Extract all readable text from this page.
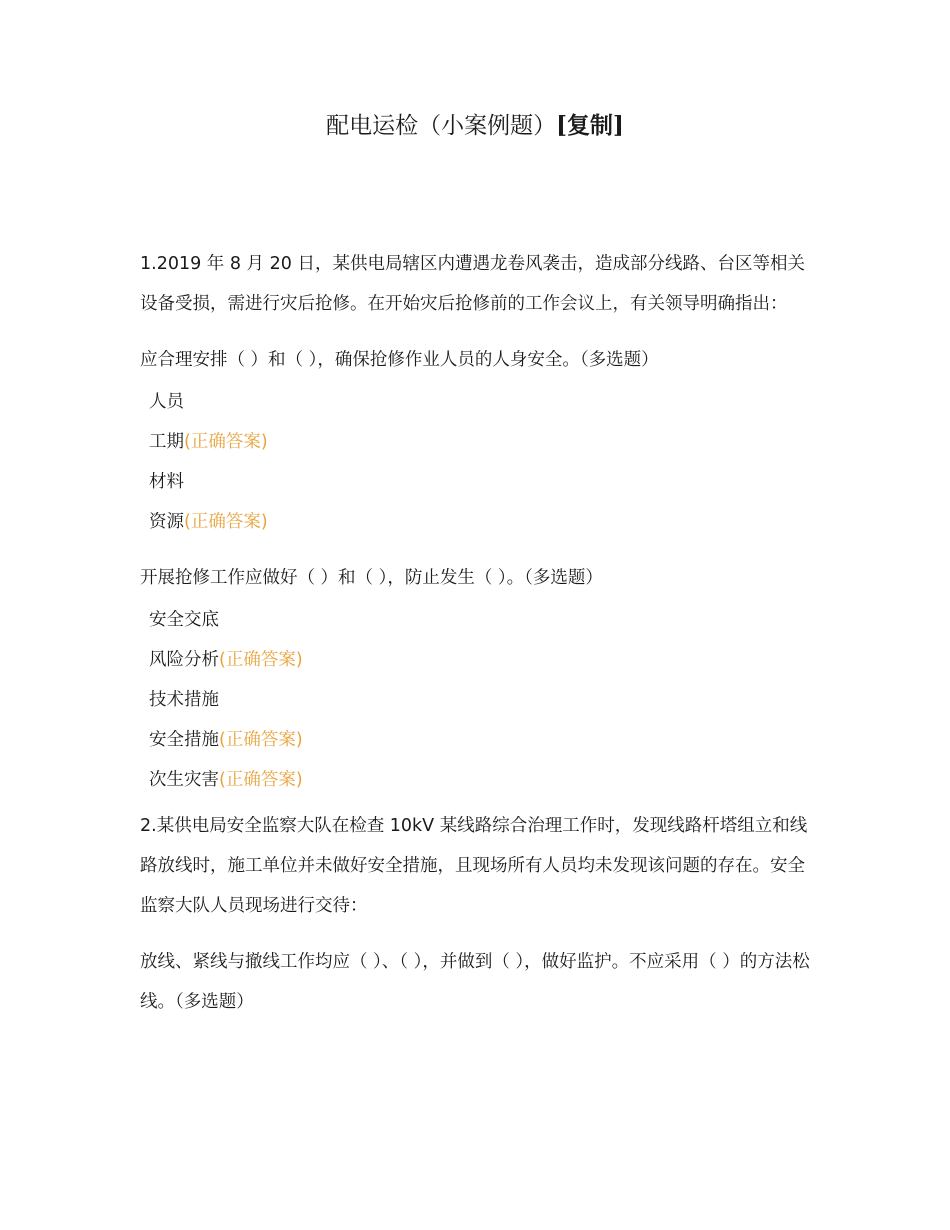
配电运检（小案例题）[复制]

1.2019 年 8 月 20 日，某供电局辖区内遭遇龙卷风袭击，造成部分线路、台区等相关设备受损，需进行灾后抢修。在开始灾后抢修前的工作会议上，有关领导明确指出：

应合理安排（ ）和（ ），确保抢修作业人员的人身安全。（多选题）

人员
工期(正确答案)
材料
资源(正确答案)

开展抢修工作应做好（ ）和（ ），防止发生（ ）。（多选题）

安全交底
风险分析(正确答案)
技术措施
安全措施(正确答案)
次生灾害(正确答案)

2.某供电局安全监察大队在检查 10kV 某线路综合治理工作时，发现线路杆塔组立和线路放线时，施工单位并未做好安全措施，且现场所有人员均未发现该问题的存在。安全监察大队人员现场进行交待：

放线、紧线与撤线工作均应（ ）、（ ），并做到（ ），做好监护。不应采用（ ）的方法松线。（多选题）
